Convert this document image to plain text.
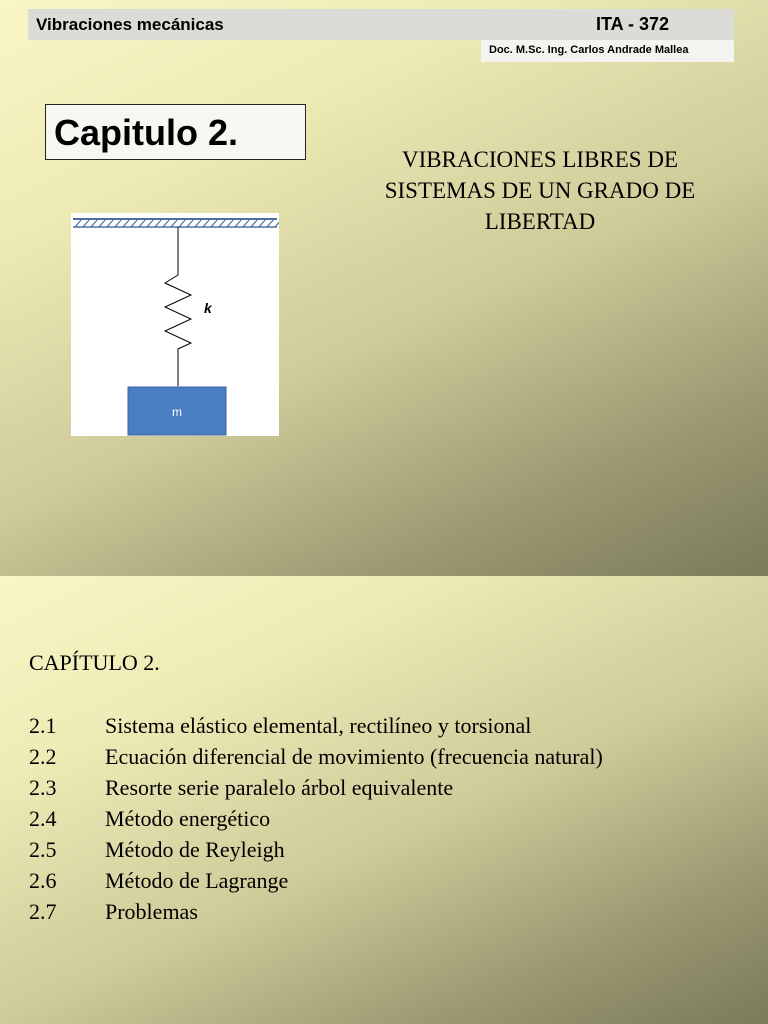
Vibraciones mecánicas	ITA - 372
Doc. M.Sc. Ing. Carlos Andrade Mallea
Capitulo 2.
VIBRACIONES LIBRES DE SISTEMAS DE UN GRADO DE LIBERTAD
k
m
CAPÍTULO 2.
2.1 Sistema elástico elemental, rectilíneo y torsional
2.2 Ecuación diferencial de movimiento (frecuencia natural)
2.3 Resorte serie paralelo árbol equivalente
2.4 Método energético
2.5 Método de Reyleigh
2.6 Método de Lagrange
2.7 Problemas
